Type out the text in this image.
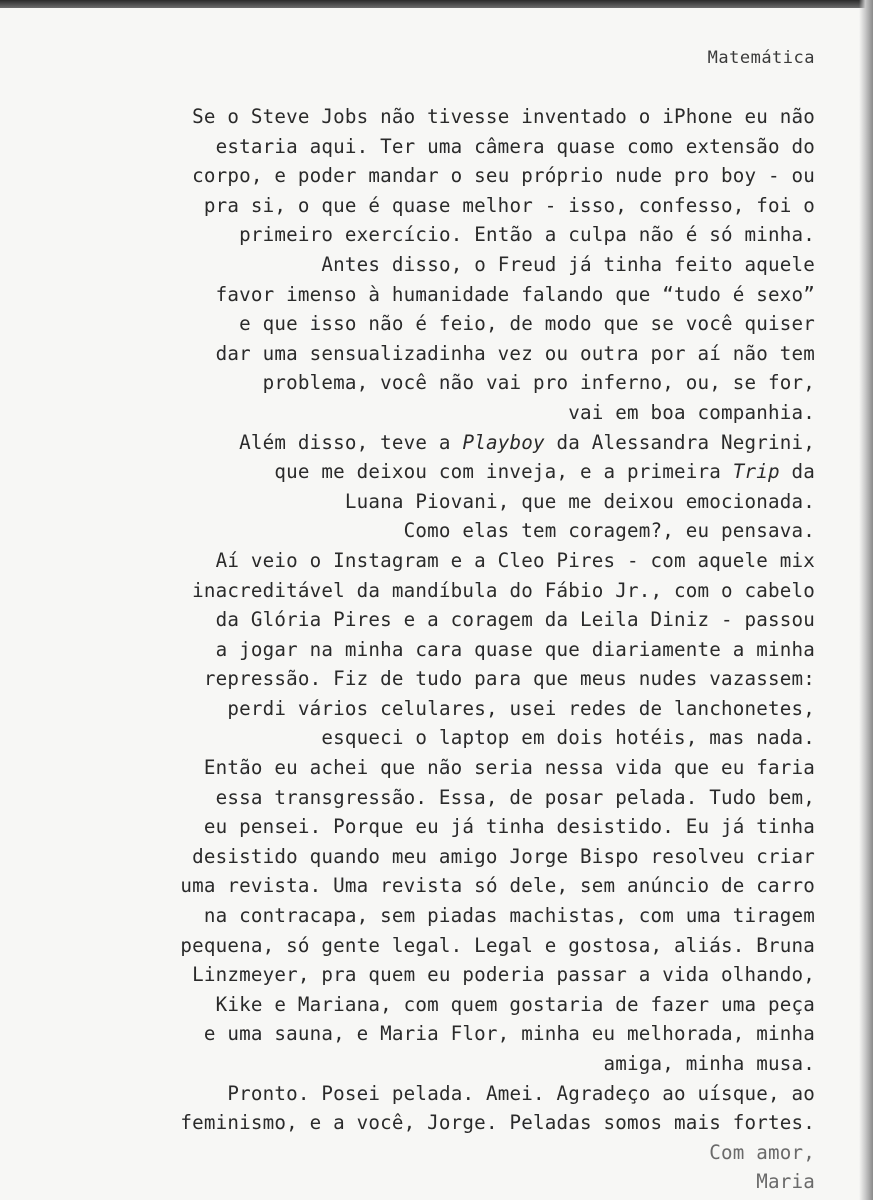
Matemática
Se o Steve Jobs não tivesse inventado o iPhone eu não
estaria aqui. Ter uma câmera quase como extensão do
corpo, e poder mandar o seu próprio nude pro boy - ou
pra si, o que é quase melhor - isso, confesso, foi o
primeiro exercício. Então a culpa não é só minha.
Antes disso, o Freud já tinha feito aquele
favor imenso à humanidade falando que “tudo é sexo”
e que isso não é feio, de modo que se você quiser
dar uma sensualizadinha vez ou outra por aí não tem
problema, você não vai pro inferno, ou, se for,
vai em boa companhia.
Além disso, teve a Playboy da Alessandra Negrini,
que me deixou com inveja, e a primeira Trip da
Luana Piovani, que me deixou emocionada.
Como elas tem coragem?, eu pensava.
Aí veio o Instagram e a Cleo Pires - com aquele mix
inacreditável da mandíbula do Fábio Jr., com o cabelo
da Glória Pires e a coragem da Leila Diniz - passou
a jogar na minha cara quase que diariamente a minha
repressão. Fiz de tudo para que meus nudes vazassem:
perdi vários celulares, usei redes de lanchonetes,
esqueci o laptop em dois hotéis, mas nada.
Então eu achei que não seria nessa vida que eu faria
essa transgressão. Essa, de posar pelada. Tudo bem,
eu pensei. Porque eu já tinha desistido. Eu já tinha
desistido quando meu amigo Jorge Bispo resolveu criar
uma revista. Uma revista só dele, sem anúncio de carro
na contracapa, sem piadas machistas, com uma tiragem
pequena, só gente legal. Legal e gostosa, aliás. Bruna
Linzmeyer, pra quem eu poderia passar a vida olhando,
Kike e Mariana, com quem gostaria de fazer uma peça
e uma sauna, e Maria Flor, minha eu melhorada, minha
amiga, minha musa.
Pronto. Posei pelada. Amei. Agradeço ao uísque, ao
feminismo, e a você, Jorge. Peladas somos mais fortes.
Com amor,
Maria
